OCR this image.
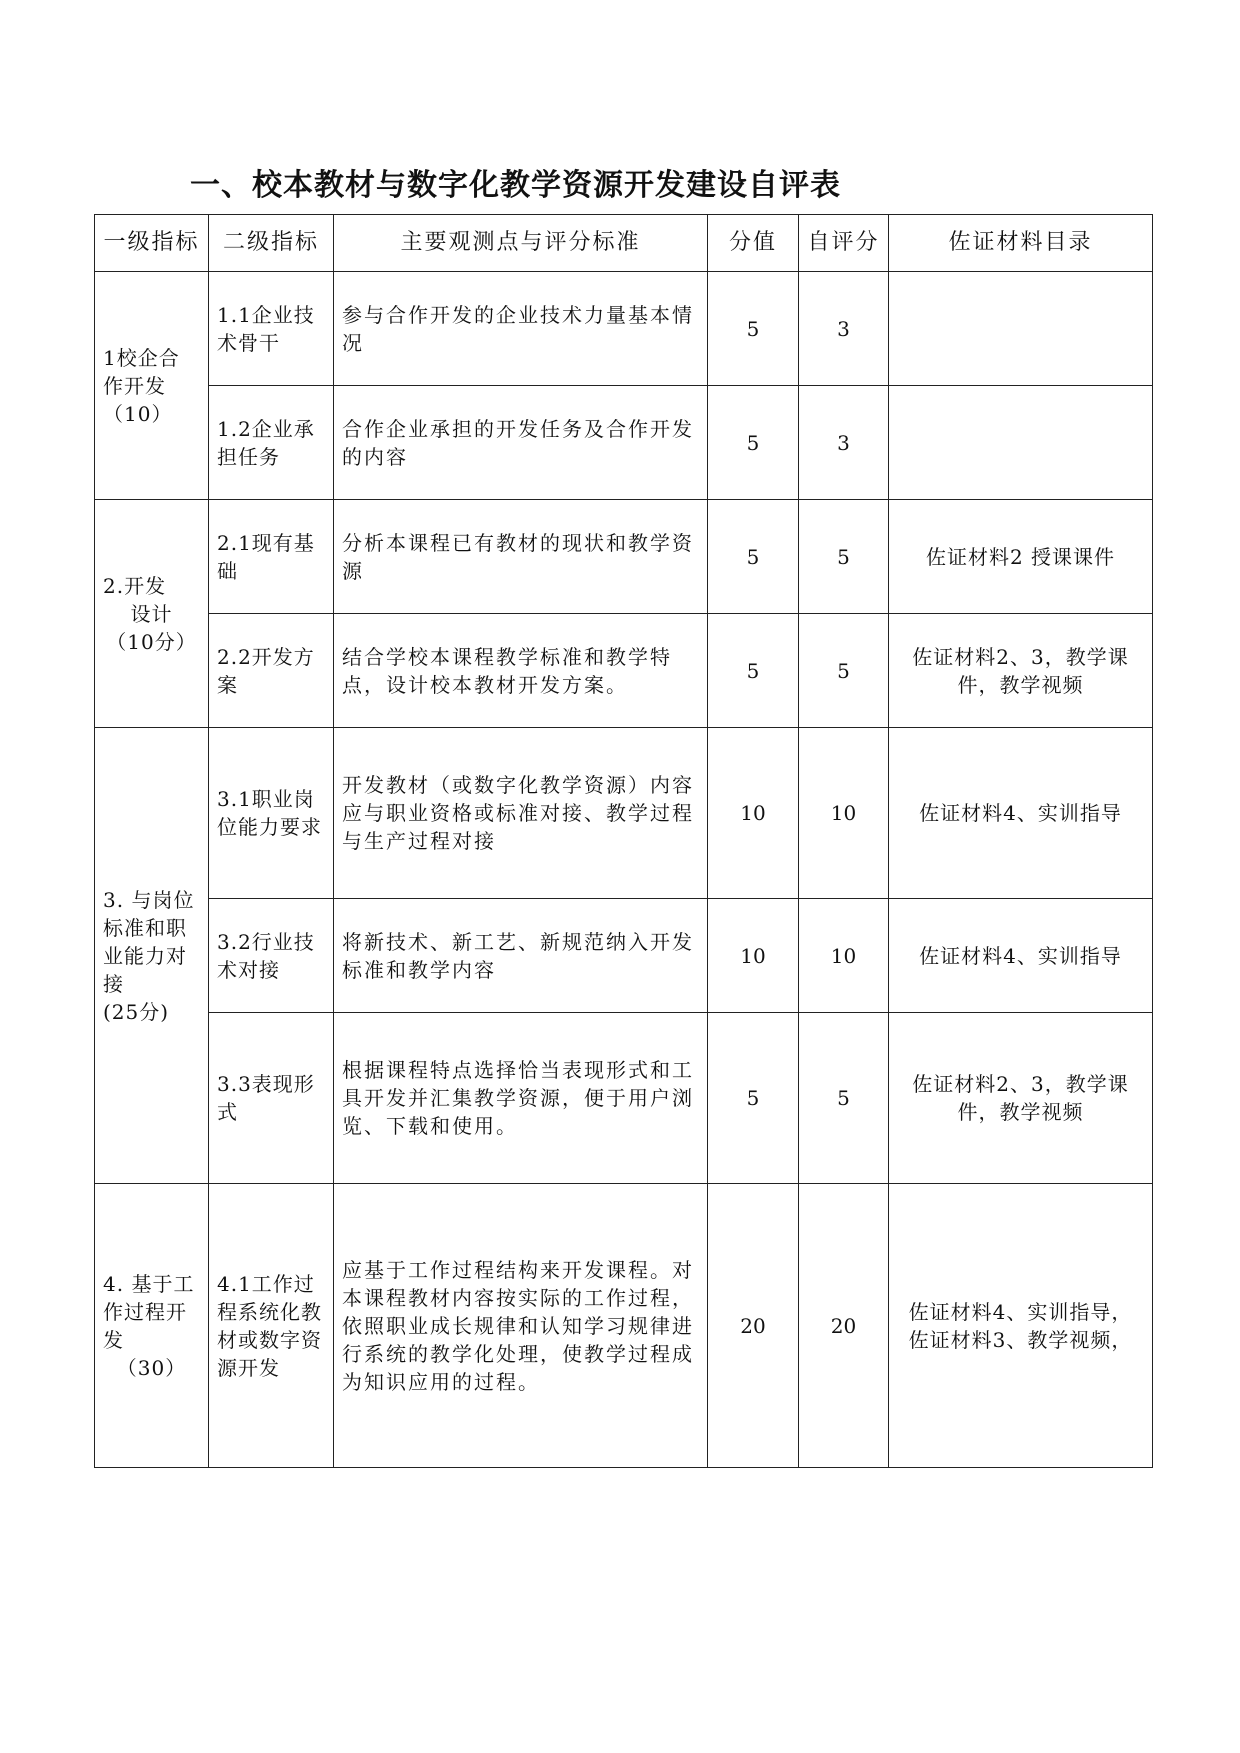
一、校本教材与数字化教学资源开发建设自评表
一级指标	二级指标	主要观测点与评分标准	分值	自评分	佐证材料目录
1校企合作开发（10）	1.1企业技术骨干	参与合作开发的企业技术力量基本情况	5	3	
	1.2企业承担任务	合作企业承担的开发任务及合作开发的内容	5	3	
2.开发

设计
（10分）	2.1现有基础	分析本课程已有教材的现状和教学资源	5	5	佐证材料2 授课课件
	2.2开发方案	结合学校本课程教学标准和教学特点，设计校本教材开发方案。	5	5	佐证材料2、3，教学课件，教学视频
3. 与岗位标准和职业能力对接
(25分)	3.1职业岗位能力要求	开发教材（或数字化教学资源）内容应与职业资格或标准对接、教学过程与生产过程对接	10	10	佐证材料4、实训指导
	3.2行业技术对接	将新技术、新工艺、新规范纳入开发标准和教学内容	10	10	佐证材料4、实训指导
	3.3表现形式	根据课程特点选择恰当表现形式和工具开发并汇集教学资源，便于用户浏览、下载和使用。	5	5	佐证材料2、3，教学课件，教学视频
4. 基于工作过程开发

（30）	4.1工作过程系统化教材或数字资源开发	应基于工作过程结构来开发课程。对本课程教材内容按实际的工作过程，依照职业成长规律和认知学习规律进行系统的教学化处理，使教学过程成为知识应用的过程。	20	20	佐证材料4、实训指导，
佐证材料3、教学视频，
